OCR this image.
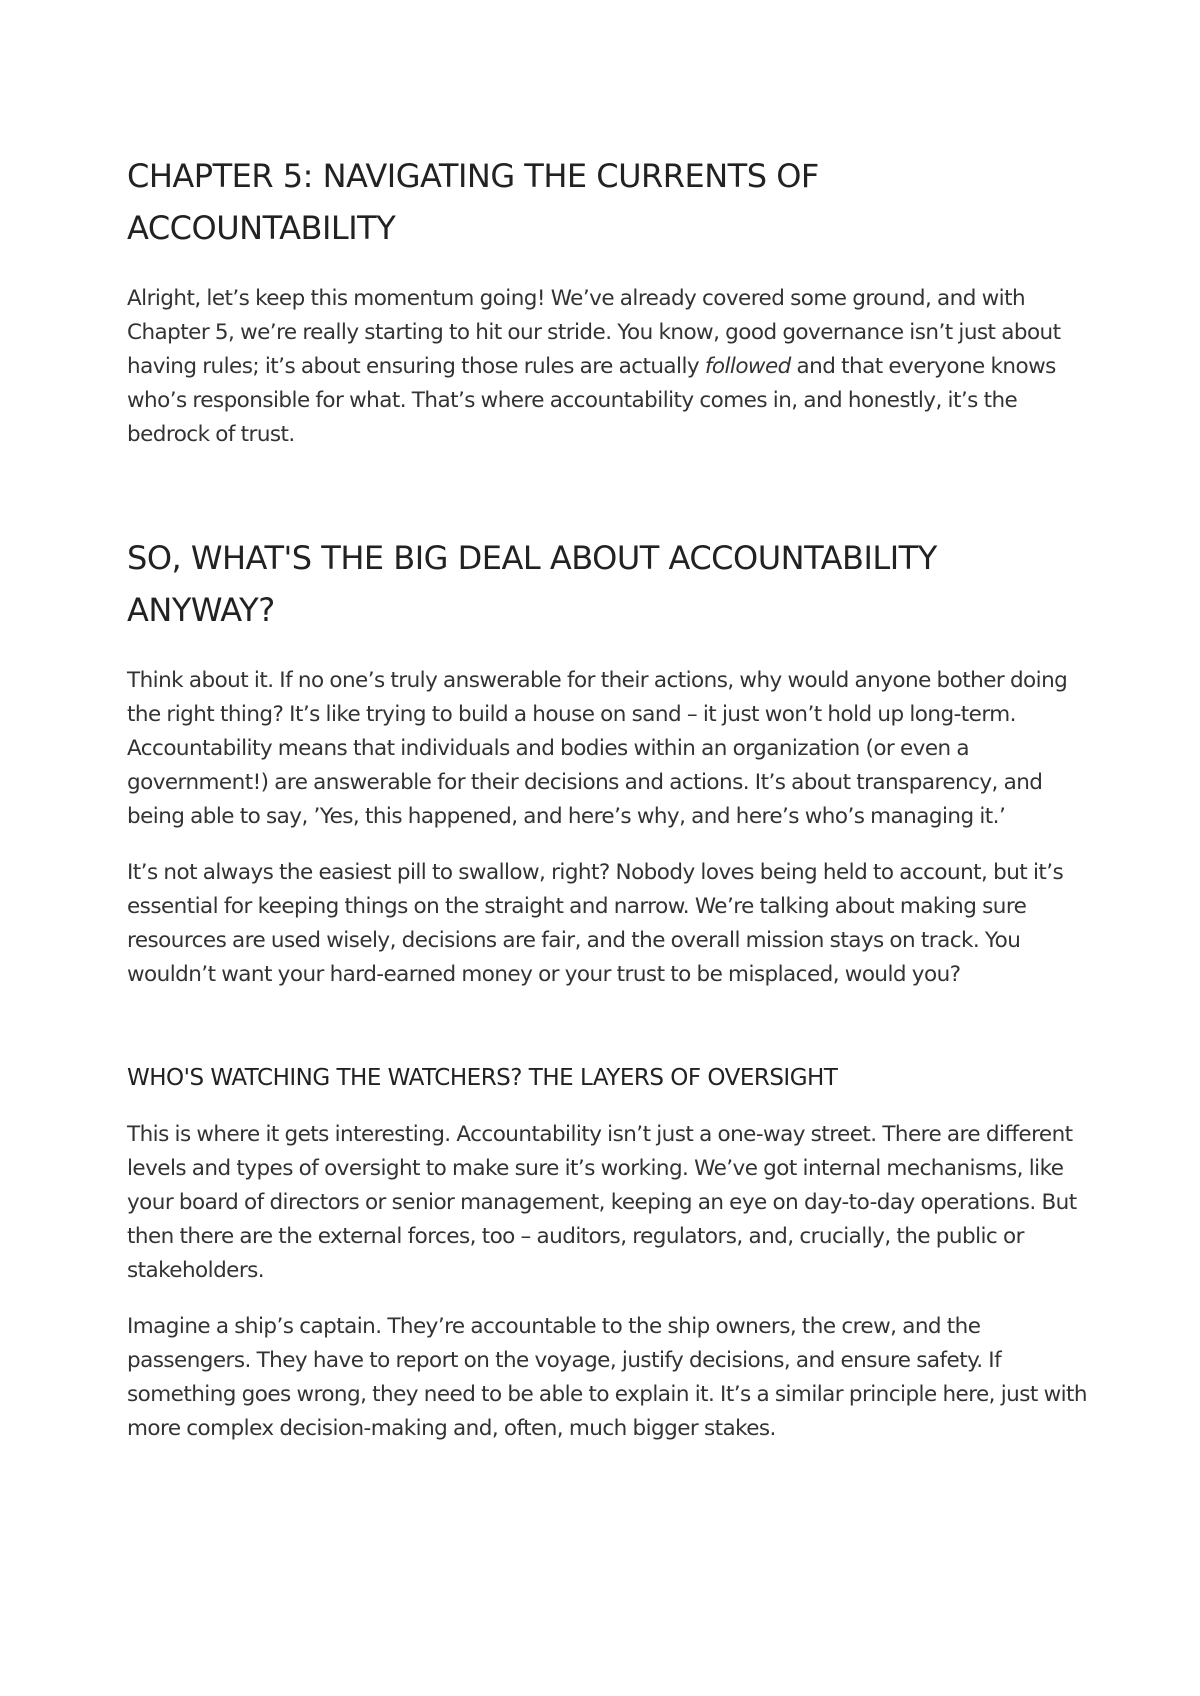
CHAPTER 5: NAVIGATING THE CURRENTS OF ACCOUNTABILITY

Alright, let’s keep this momentum going! We’ve already covered some ground, and with Chapter 5, we’re really starting to hit our stride. You know, good governance isn’t just about having rules; it’s about ensuring those rules are actually followed and that everyone knows who’s responsible for what. That’s where accountability comes in, and honestly, it’s the bedrock of trust.

SO, WHAT'S THE BIG DEAL ABOUT ACCOUNTABILITY ANYWAY?

Think about it. If no one’s truly answerable for their actions, why would anyone bother doing the right thing? It’s like trying to build a house on sand – it just won’t hold up long-term. Accountability means that individuals and bodies within an organization (or even a government!) are answerable for their decisions and actions. It’s about transparency, and being able to say, ’Yes, this happened, and here’s why, and here’s who’s managing it.’

It’s not always the easiest pill to swallow, right? Nobody loves being held to account, but it’s essential for keeping things on the straight and narrow. We’re talking about making sure resources are used wisely, decisions are fair, and the overall mission stays on track. You wouldn’t want your hard-earned money or your trust to be misplaced, would you?

WHO'S WATCHING THE WATCHERS? THE LAYERS OF OVERSIGHT

This is where it gets interesting. Accountability isn’t just a one-way street. There are different levels and types of oversight to make sure it’s working. We’ve got internal mechanisms, like your board of directors or senior management, keeping an eye on day-to-day operations. But then there are the external forces, too – auditors, regulators, and, crucially, the public or stakeholders.

Imagine a ship’s captain. They’re accountable to the ship owners, the crew, and the passengers. They have to report on the voyage, justify decisions, and ensure safety. If something goes wrong, they need to be able to explain it. It’s a similar principle here, just with more complex decision-making and, often, much bigger stakes.
